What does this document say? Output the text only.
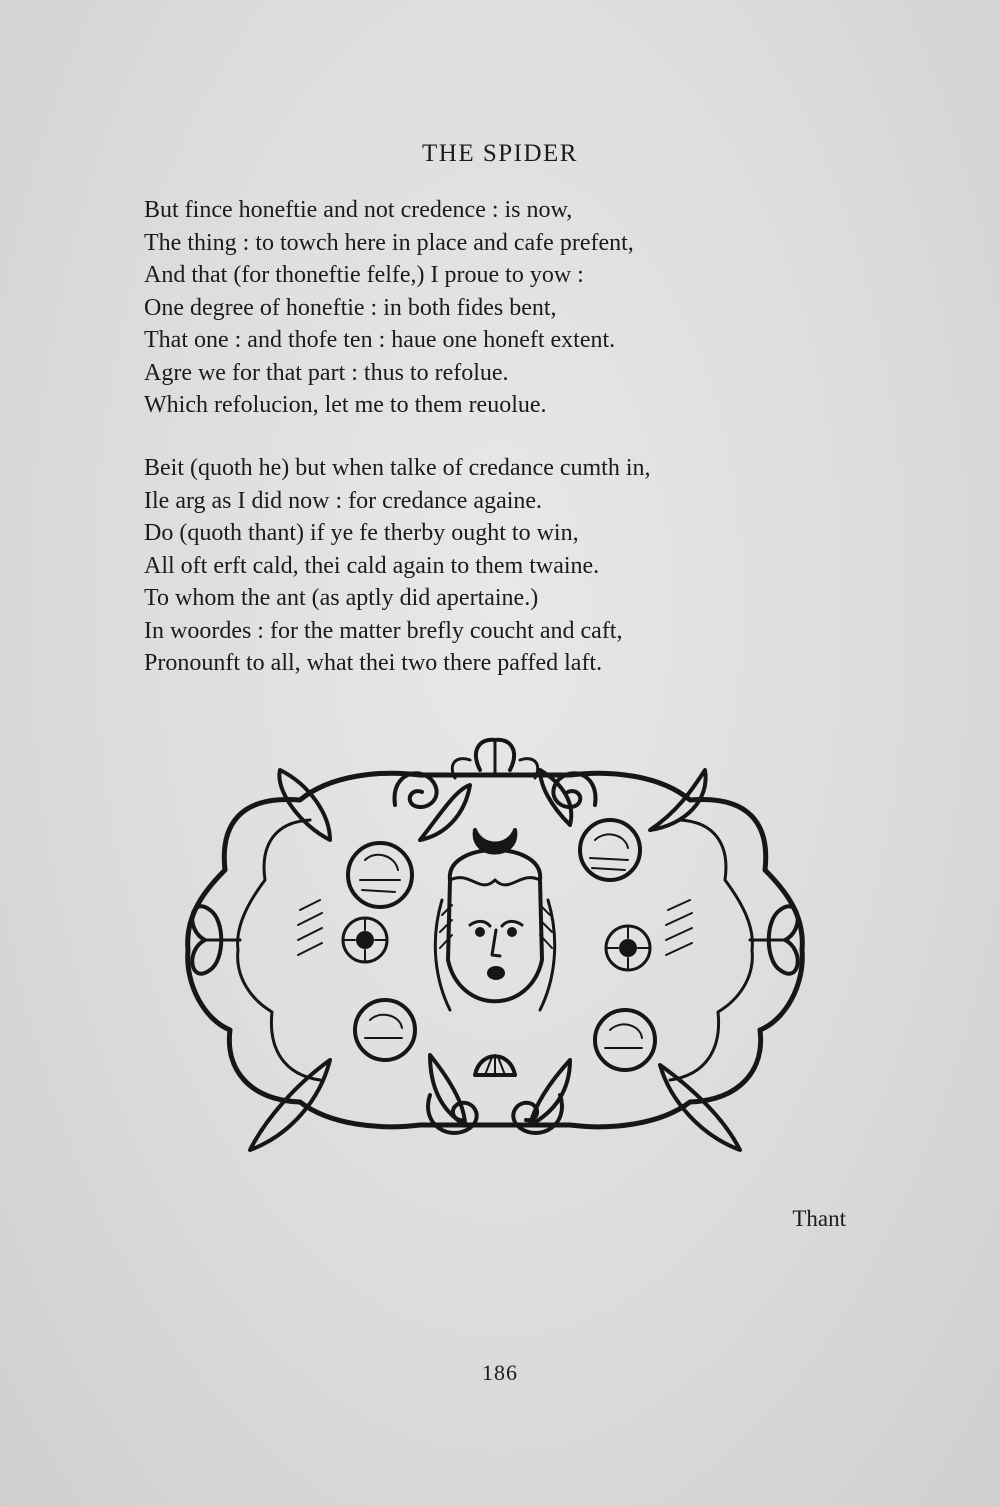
THE SPIDER
But fince honeftie and not credence : is now,
The thing : to towch here in place and cafe prefent,
And that (for thoneftie felfe,) I proue to yow :
One degree of honeftie : in both fides bent,
That one : and thofe ten : haue one honeft extent.
Agre we for that part : thus to refolue.
Which refolucion, let me to them reuolue.
Beit (quoth he) but when talke of credance cumth in,
Ile arg as I did now : for credance againe.
Do (quoth thant) if ye fe therby ought to win,
All oft erft cald, thei cald again to them twaine.
To whom the ant (as aptly did apertaine.)
In woordes : for the matter brefly coucht and caft,
Pronounft to all, what thei two there paffed laft.
Thant
186
